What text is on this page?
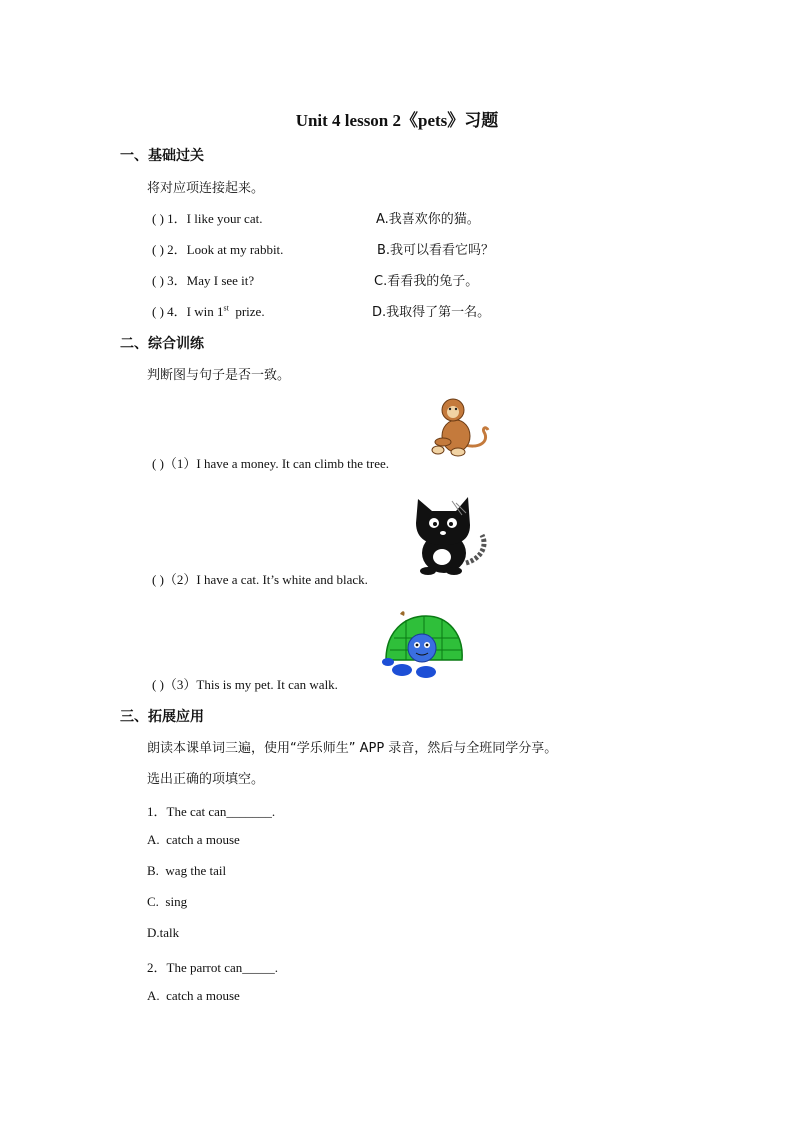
Unit 4 lesson 2《pets》习题
一、基础过关
将对应项连接起来。
( ) 1．I like your cat.	A.我喜欢你的猫。
( ) 2．Look at my rabbit.	B.我可以看看它吗？
( ) 3．May I see it?	C.看看我的兔子。
( ) 4．I win 1st  prize.	D.我取得了第一名。
二、综合训练
判断图与句子是否一致。
( )（1）I have a money. It can climb the tree.
( )（2）I have a cat. It’s white and black.
( )（3）This is my pet. It can walk.
三、拓展应用
朗读本课单词三遍，使用“学乐师生” APP 录音，然后与全班同学分享。
选出正确的项填空。
1．The cat can_______.
A.  catch a mouse
B.  wag the tail
C.  sing
D.talk
2．The parrot can_____.
A.  catch a mouse
